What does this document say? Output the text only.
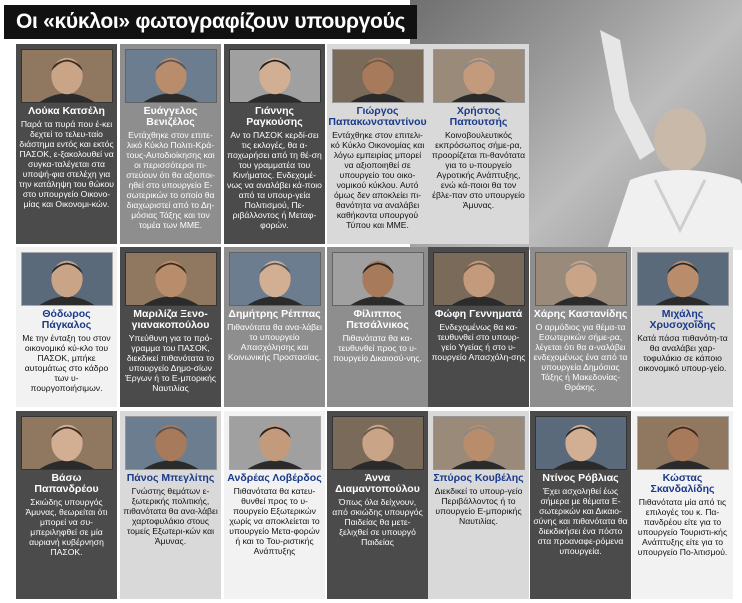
Οι «κύκλοι» φωτογραφίζουν υπουργούς
Λούκα Κατσέλη
Παρά τα πυρά που έ-κει δεχτεί το τελευ-ταίο διάστημα εντός και εκτός ΠΑΣΟΚ, ε-ξακολουθεί να συγκα-ταλέγεται στα υποψή-φια στελέχη για την κατάληψη του θώκου στο υπουργείο Οικονο-μίας και Οικονομι-κών.
Ευάγγελος Βενιζέλος
Εντάχθηκε στον επιτε-λικό Κύκλο Πολιτι-Κρά-τους-Αυτοδιοίκησης και οι περισσότεροι πι-στεύουν ότι θα αξιοποι-ηθεί στο υπουργείο Ε-σωτερικών το οποίο θα διαχωριστεί από το Δη-μόσιας Τάξης και τον τομέα των ΜΜΕ.
Γιάννης Ραγκούσης
Αν το ΠΑΣΟΚ κερδί-σει τις εκλογές, θα α-ποχωρήσει από τη θέ-ση του γραμματέα του Κινήματος. Ενδεχομέ-νως να αναλάβει κά-ποιο από τα υπουρ-γεία Πολιτισμού, Πε-ριβάλλοντος ή Μεταφ-φορών.
Γιώργος Παπακωνσταντίνου
Εντάχθηκε στον επιτελι-κό Κύκλο Οικονομίας και λόγω εμπειρίας μπορεί να αξιοποιηθεί σε υπουργείο του οικο-νομικού κύκλου. Αυτό όμως δεν αποκλείει πι-θανότητα να αναλάβει καθήκοντα υπουργού Τύπου και ΜΜΕ.
Χρήστος Παπουτσής
Κοινοβουλευτικός εκπρόσωπος σήμε-ρα, προορίζεται πι-θανότατα για το υ-πουργείο Αγροτικής Ανάπτυξης, ενώ κά-ποιοι θα τον έβλε-παν στο υπουργείο Άμυνας.
Θόδωρος Πάγκαλος
Με την ένταξη του στον οικονομικό κύ-κλο του ΠΑΣΟΚ, μπήκε αυτομάτως στο κάδρο των υ-πουργοποιήσιμων.
Μαριλίζα Ξενο-γιανακοπούλου
Υπεύθυνη για το πρό-γραμμα του ΠΑΣΟΚ, διεκδικεί πιθανότατα το υπουργείο Δημο-σίων Έργων ή το Ε-μπορικής Ναυτιλίας
Δημήτρης Ρέππας
Πιθανότατα θα ανα-λάβει το υπουργείο Απασχόλησης και Κοινωνικής Προστασίας.
Φίλιππος Πετσάλνικος
Πιθανότατα θα κα-τευθυνθεί προς το υ-πουργείο Δικαιοσύ-νης.
Φώφη Γεννηματά
Ενδεχομένως θα κα-τευθυνθεί στο υπουρ-γείο Υγείας ή στο υ-πουργείο Απασχόλη-σης
Χάρης Καστανίδης
Ο αρμόδιος για θέμα-τα Εσωτερικών σήμε-ρα, λέγεται ότι θα α-ναλάβει ενδεχομένως ένα από τα υπουργεία Δημόσιας Τάξης ή Μακεδονίας-Θράκης.
Μιχάλης Χρυσοχοΐδης
Κατά πάσα πιθανότη-τα θα αναλάβει χαρ-τοφυλάκιο σε κάποιο οικονομικό υπουρ-γείο.
Βάσω Παπανδρέου
Σκιώδης υπουργός Άμυνας, θεωρείται ότι μπορεί να συ-μπεριληφθεί σε μία αυριανή κυβέρνηση ΠΑΣΟΚ.
Πάνος Μπεγλίτης
Γνώστης θεμάτων ε-ξωτερικής πολιτικής, πιθανότατα θα ανα-λάβει χαρτοφυλάκιο στους τομείς Εξωτερι-κών και Άμυνας.
Ανδρέας Λοβέρδος
Πιθανότατα θα κατευ-θυνθεί προς το υ-πουργείο Εξωτερικών χωρίς να αποκλείεται το υπουργείο Μετα-φορών ή και το Του-ριστικής Ανάπτυξης
Άννα Διαμαντοπούλου
Όπως όλα δείχνουν, από σκιώδης υπουργός Παιδείας θα μετε-ξελιχθεί σε υπουργό Παιδείας
Σπύρος Κουβέλης
Διεκδικεί το υπουρ-γείο Περιβάλλοντος ή το υπουργείο Ε-μπορικής Ναυτιλίας.
Ντίνος Ρόβλιας
Έχει ασχοληθεί έως σήμερα με θέματα Ε-σωτερικών και Δικαιο-σύνης και πιθανότατα θα διεκδικήσει ένα πόστο στα προαναφε-ρόμενα υπουργεία.
Κώστας Σκανδαλίδης
Πιθανότατα μία από τις επιλογές του κ. Πα-πανδρέου είτε για το υπουργείο Τουριστι-κής Ανάπτυξης είτε για το υπουργείο Πο-λιτισμού.
